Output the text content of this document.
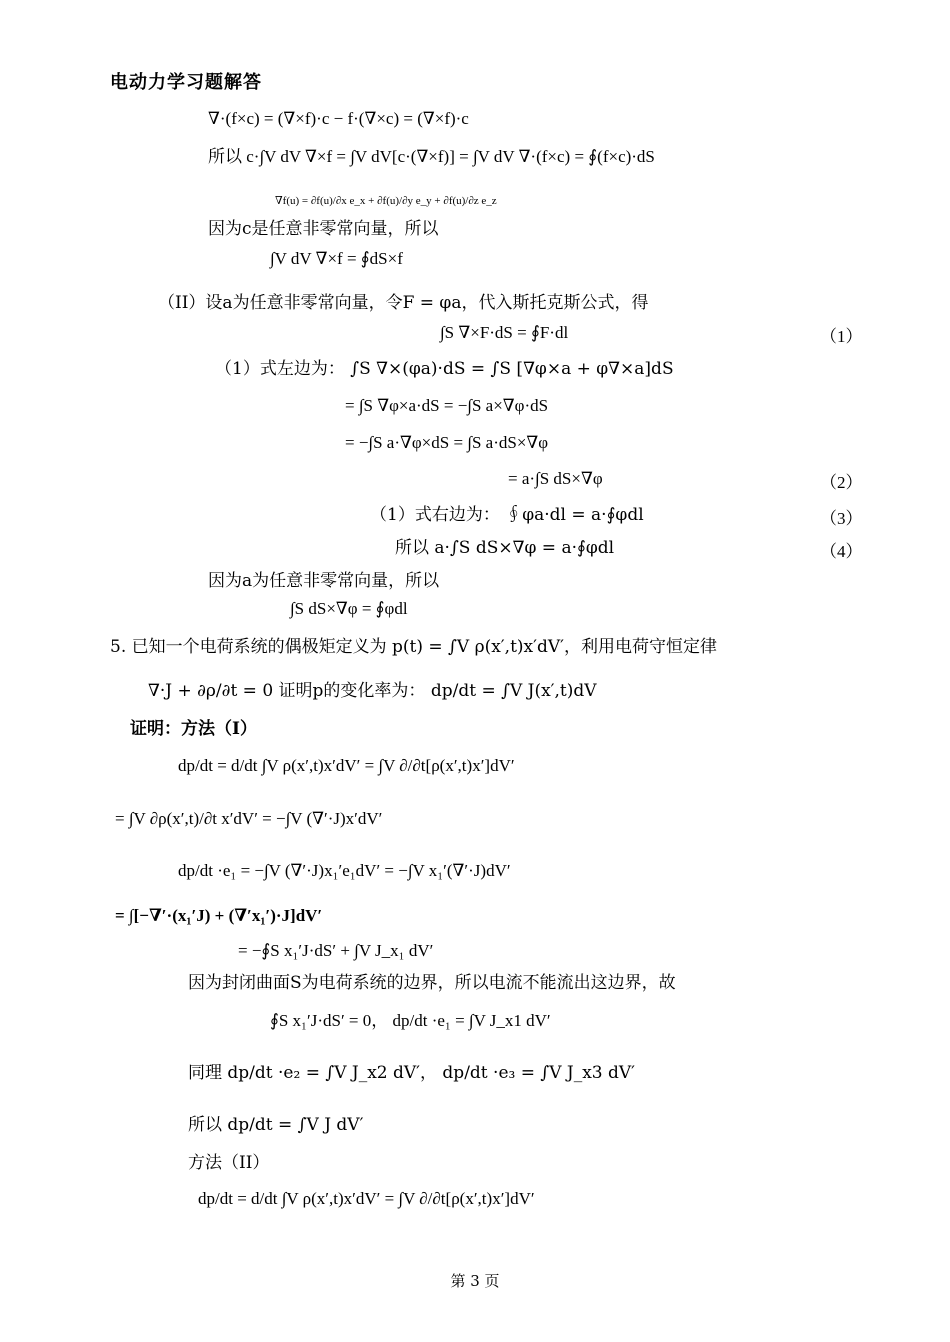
电动力学习题解答
∇·(f×c) = (∇×f)·c − f·(∇×c) = (∇×f)·c
所以 c·∫V dV ∇×f = ∫V dV[c·(∇×f)] = ∫V dV ∇·(f×c) = ∮(f×c)·dS
∇f(u) = ∂f(u)/∂x e_x + ∂f(u)/∂y e_y + ∂f(u)/∂z e_z
因为c是任意非零常向量，所以
∫V dV ∇×f = ∮dS×f
（II）设a为任意非零常向量，令F = φa，代入斯托克斯公式，得
∫S ∇×F·dS = ∮F·dl	（1）
（1）式左边为： ∫S ∇×(φa)·dS = ∫S [∇φ×a + φ∇×a]dS
= ∫S ∇φ×a·dS = −∫S a×∇φ·dS
= −∫S a·∇φ×dS = ∫S a·dS×∇φ
= a·∫S dS×∇φ	（2）
（1）式右边为： ∮φa·dl = a·∮φdl	（3）
所以 a·∫S dS×∇φ = a·∮φdl	（4）
因为a为任意非零常向量，所以
∫S dS×∇φ = ∮φdl
5. 已知一个电荷系统的偶极矩定义为 p(t) = ∫V ρ(x′,t)x′dV′，利用电荷守恒定律
∇·J + ∂ρ/∂t = 0 证明p的变化率为： dp/dt = ∫V J(x′,t)dV
证明：方法（I）
dp/dt = d/dt ∫V ρ(x′,t)x′dV′ = ∫V ∂/∂t[ρ(x′,t)x′]dV′
= ∫V ∂ρ(x′,t)/∂t x′dV′ = −∫V (∇′·J)x′dV′
dp/dt ·e₁ = −∫V (∇′·J)x₁′e₁dV′ = −∫V x₁′(∇′·J)dV′
= ∫[−∇′·(x₁′J) + (∇′x₁′)·J]dV′
= −∮S x₁′J·dS′ + ∫V J_x₁ dV′
因为封闭曲面S为电荷系统的边界，所以电流不能流出这边界，故
∮S x₁′J·dS′ = 0， dp/dt ·e₁ = ∫V J_x1 dV′
同理 dp/dt ·e₂ = ∫V J_x2 dV′， dp/dt ·e₃ = ∫V J_x3 dV′
所以 dp/dt = ∫V J dV′
方法（II）
dp/dt = d/dt ∫V ρ(x′,t)x′dV′ = ∫V ∂/∂t[ρ(x′,t)x′]dV′
第 3 页
